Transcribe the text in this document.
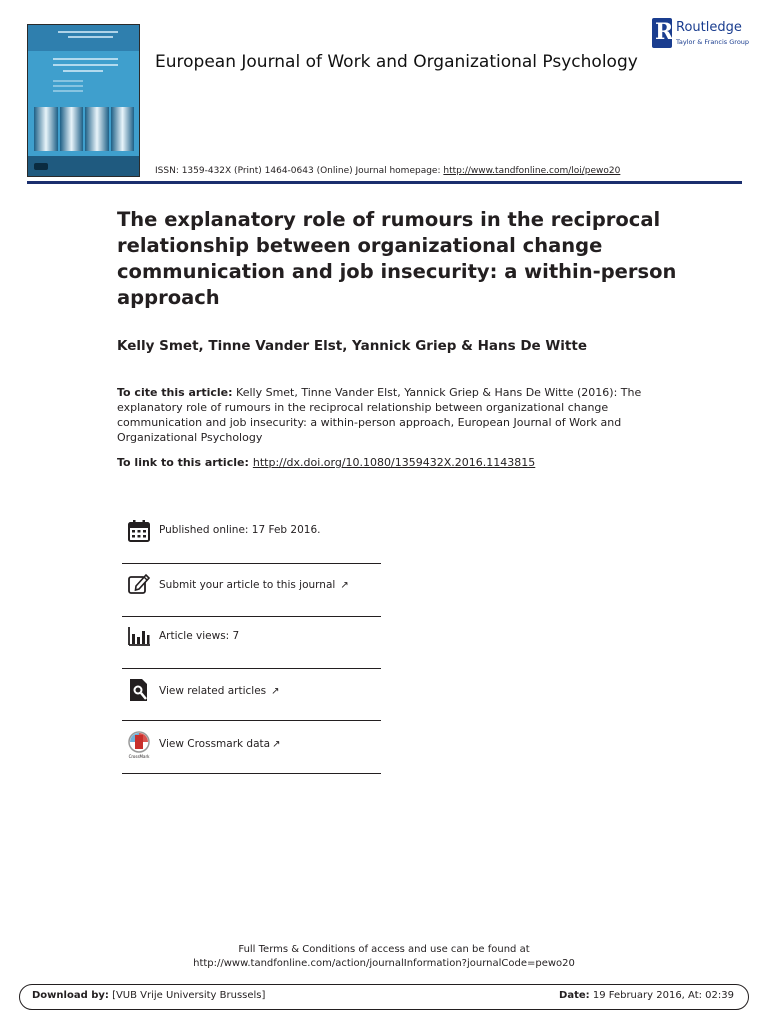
European Journal of Work and Organizational Psychology
R Routledge
Taylor & Francis Group
ISSN: 1359-432X (Print) 1464-0643 (Online) Journal homepage: http://www.tandfonline.com/loi/pewo20
The explanatory role of rumours in the reciprocal relationship between organizational change communication and job insecurity: a within-person approach
Kelly Smet, Tinne Vander Elst, Yannick Griep & Hans De Witte
To cite this article: Kelly Smet, Tinne Vander Elst, Yannick Griep & Hans De Witte (2016): The explanatory role of rumours in the reciprocal relationship between organizational change communication and job insecurity: a within-person approach, European Journal of Work and Organizational Psychology
To link to this article: http://dx.doi.org/10.1080/1359432X.2016.1143815
Published online: 17 Feb 2016.
Submit your article to this journal ↗
Article views: 7
View related articles ↗
CrossMark
View Crossmark data ↗
Full Terms & Conditions of access and use can be found at
http://www.tandfonline.com/action/journalInformation?journalCode=pewo20
Download by: [VUB Vrije University Brussels]	Date: 19 February 2016, At: 02:39
